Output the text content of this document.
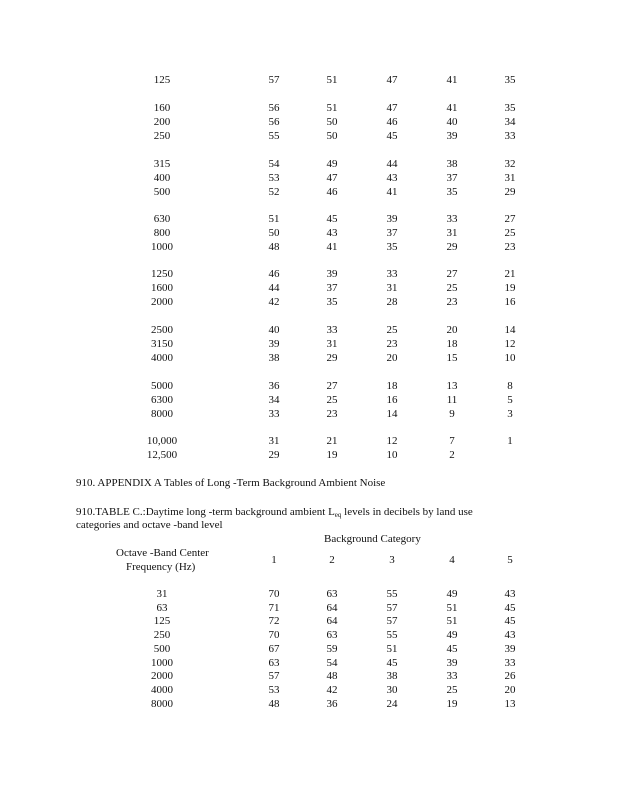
125	57	51	47	41	35
160	56	51	47	41	35
200	56	50	46	40	34
250	55	50	45	39	33
315	54	49	44	38	32
400	53	47	43	37	31
500	52	46	41	35	29
630	51	45	39	33	27
800	50	43	37	31	25
1000	48	41	35	29	23
1250	46	39	33	27	21
1600	44	37	31	25	19
2000	42	35	28	23	16
2500	40	33	25	20	14
3150	39	31	23	18	12
4000	38	29	20	15	10
5000	36	27	18	13	8
6300	34	25	16	11	5
8000	33	23	14	9	3
10,000	31	21	12	7	1
12,500	29	19	10	2
910. APPENDIX A Tables of Long -Term Background Ambient Noise
910.TABLE C.:Daytime long -term background ambient $L_{eq}$ levels in decibels by land use
categories and octave -band level
Background Category
Octave -Band Center
Frequency (Hz)
1	2	3	4	5
31	70	63	55	49	43
63	71	64	57	51	45
125	72	64	57	51	45
250	70	63	55	49	43
500	67	59	51	45	39
1000	63	54	45	39	33
2000	57	48	38	33	26
4000	53	42	30	25	20
8000	48	36	24	19	13
